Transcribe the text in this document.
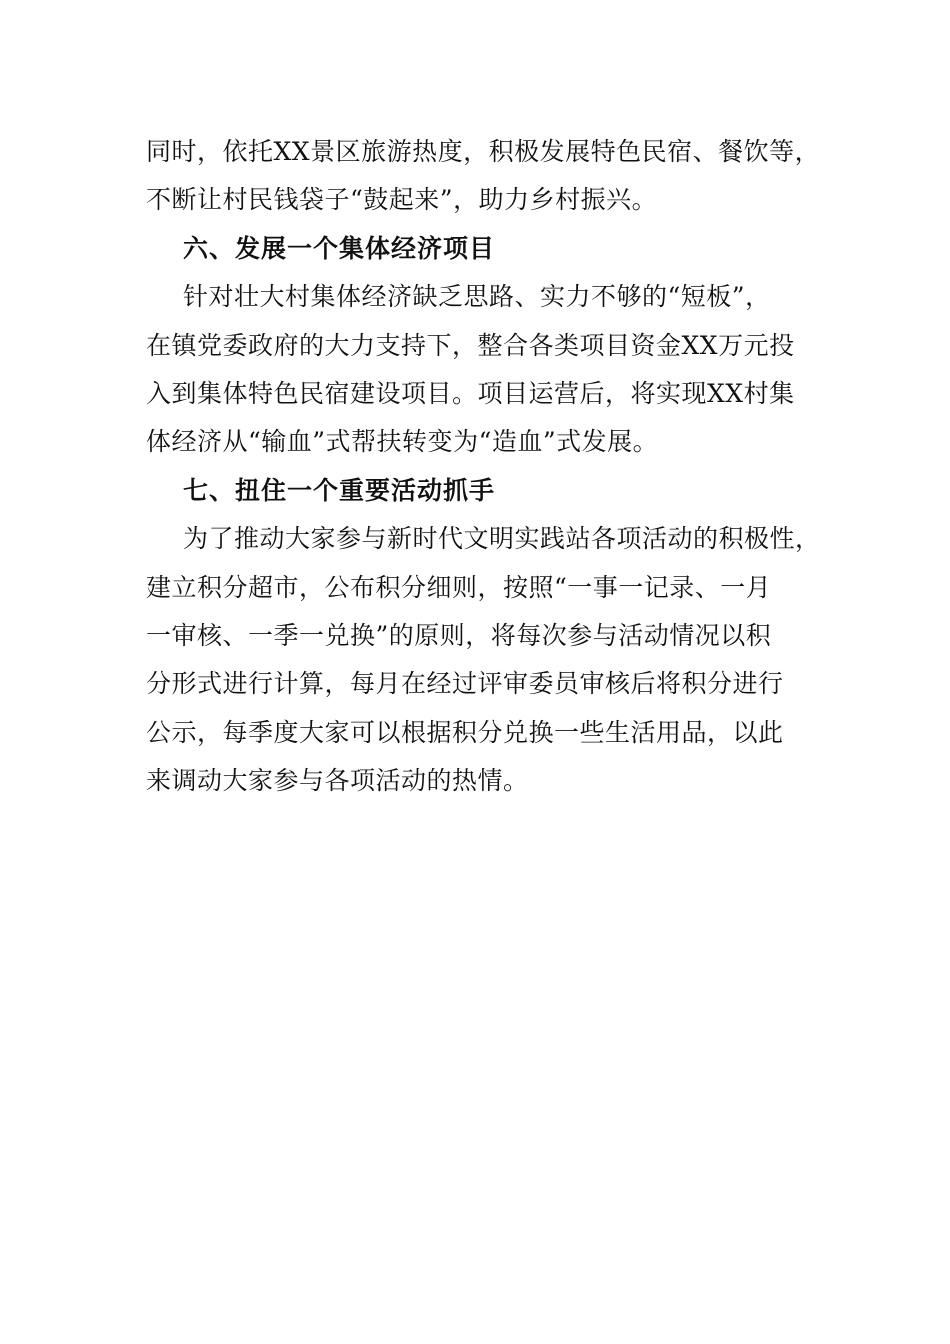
同时，依托XX景区旅游热度，积极发展特色民宿、餐饮等，
不断让村民钱袋子“鼓起来”，助力乡村振兴。
六、发展一个集体经济项目
针对壮大村集体经济缺乏思路、实力不够的“短板”，
在镇党委政府的大力支持下，整合各类项目资金XX万元投
入到集体特色民宿建设项目。项目运营后，将实现XX村集
体经济从“输血”式帮扶转变为“造血”式发展。
七、扭住一个重要活动抓手
为了推动大家参与新时代文明实践站各项活动的积极性，
建立积分超市，公布积分细则，按照“一事一记录、一月
一审核、一季一兑换”的原则，将每次参与活动情况以积
分形式进行计算，每月在经过评审委员审核后将积分进行
公示，每季度大家可以根据积分兑换一些生活用品，以此
来调动大家参与各项活动的热情。
